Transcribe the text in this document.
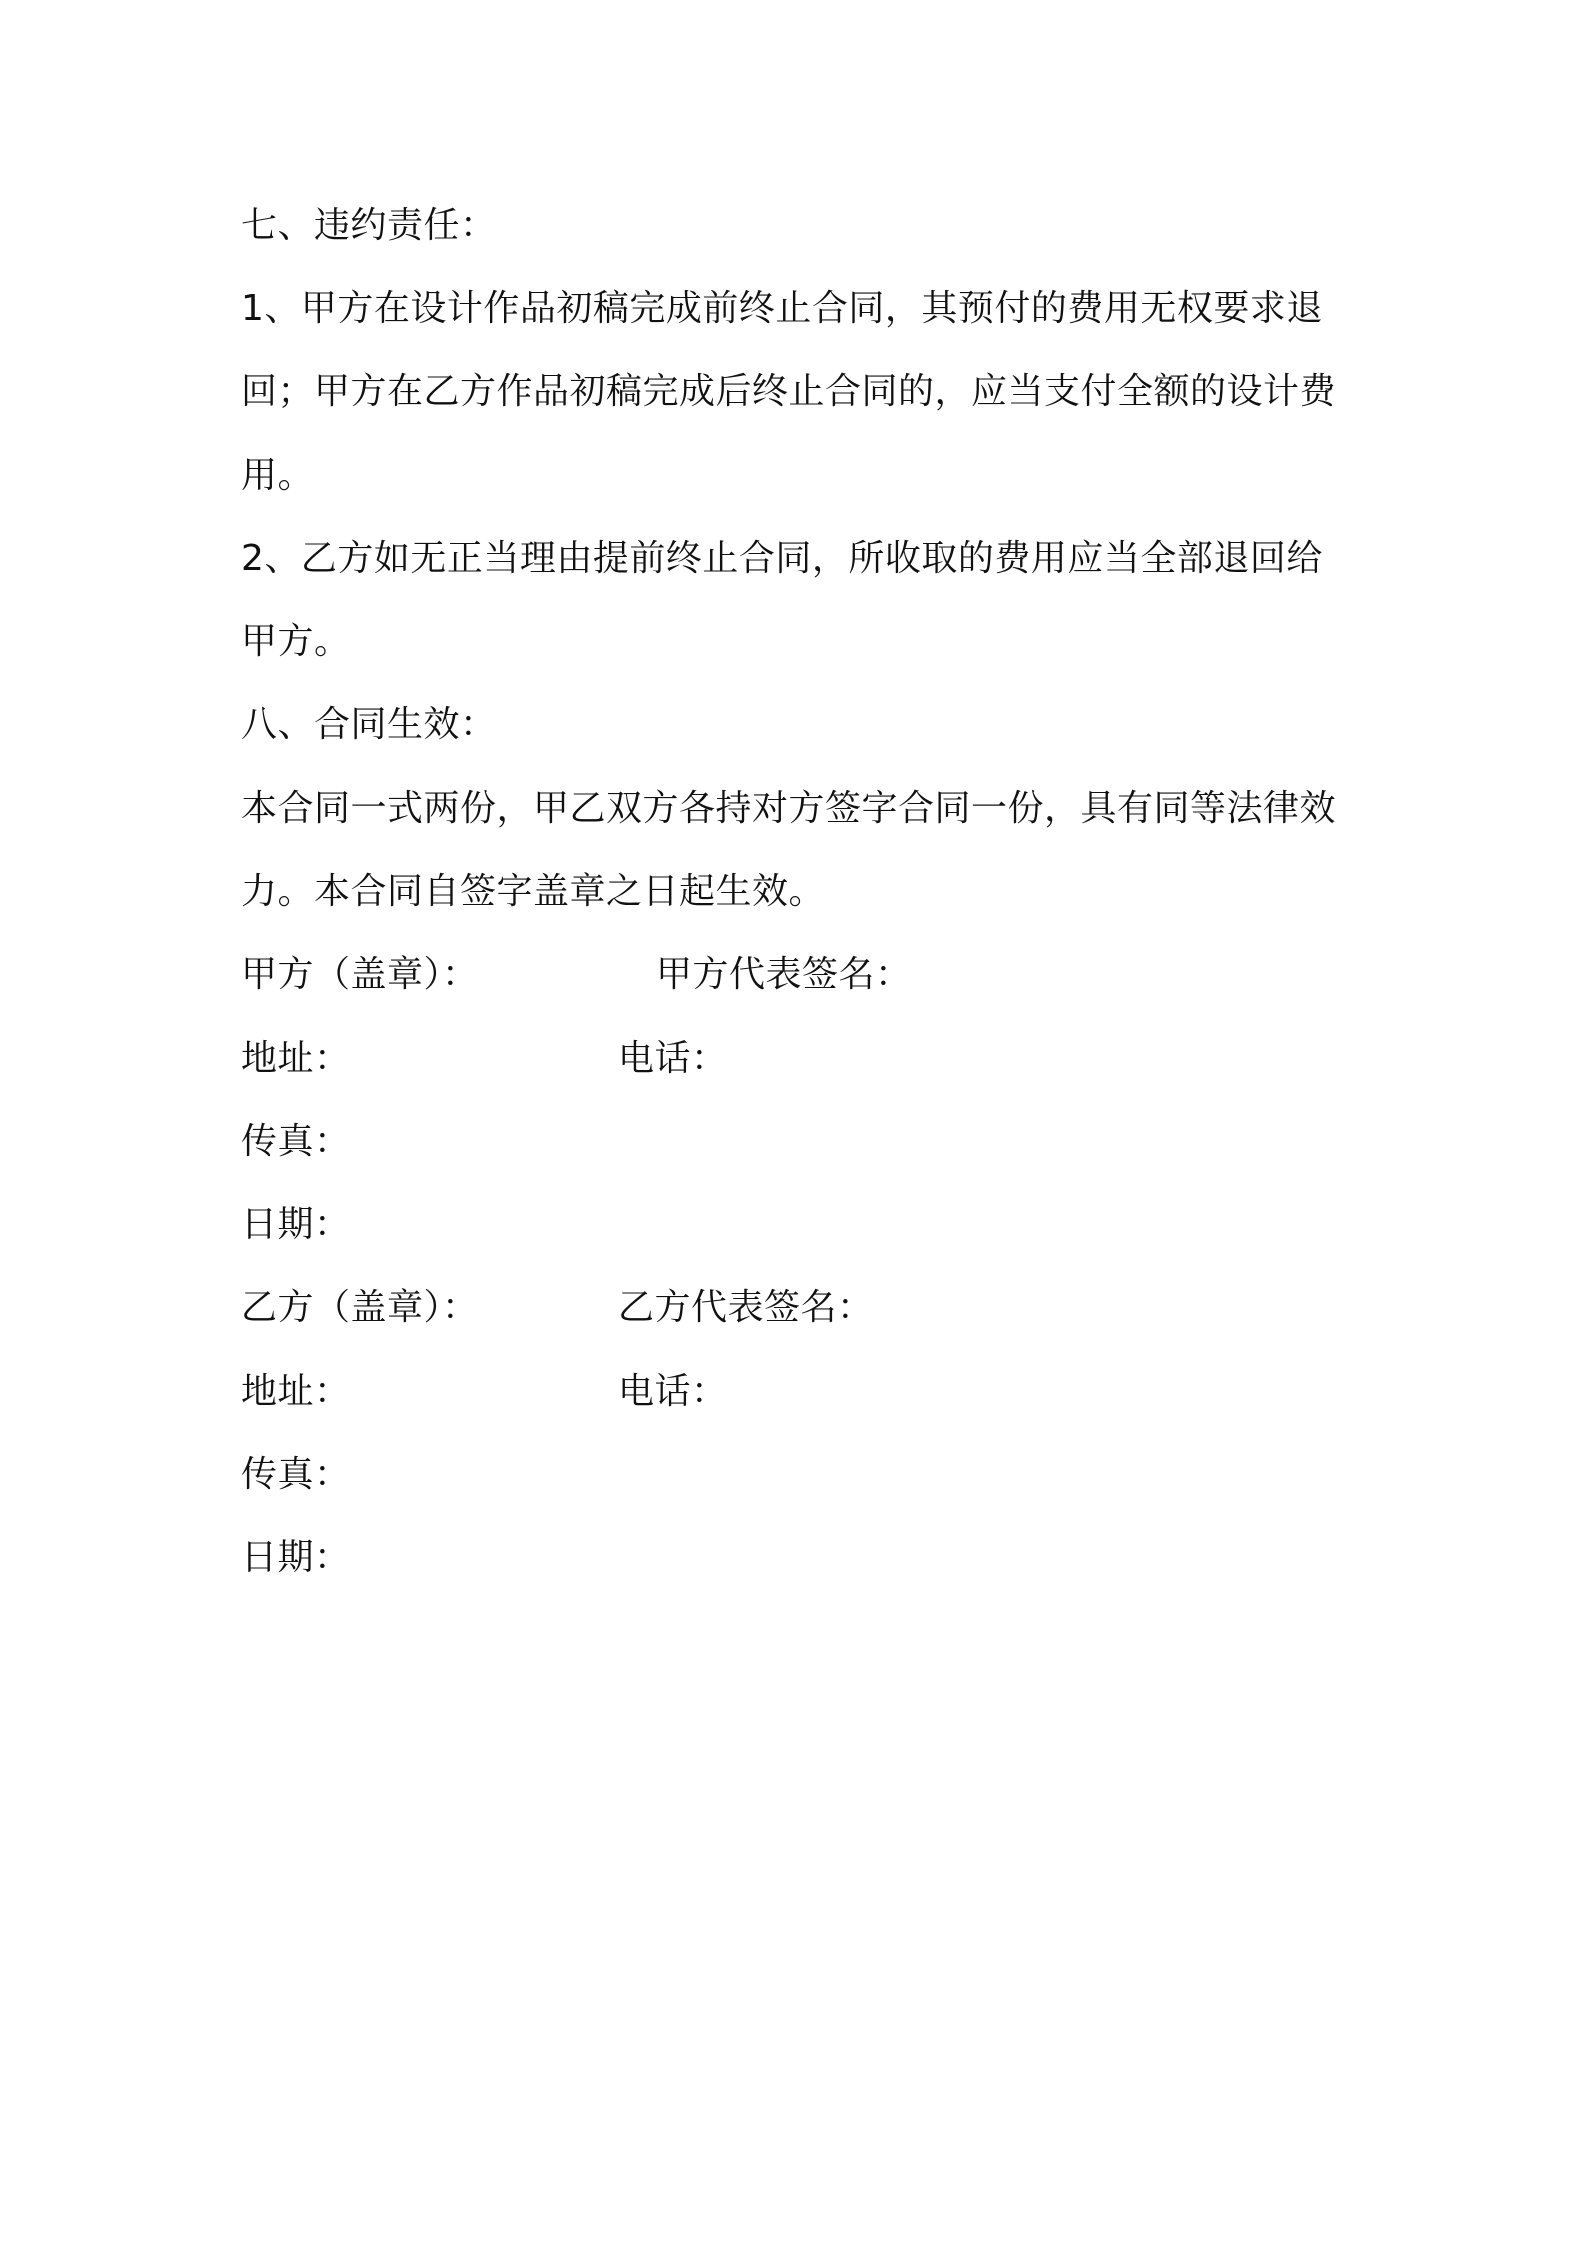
七、违约责任：
1、甲方在设计作品初稿完成前终止合同，其预付的费用无权要求退
回；甲方在乙方作品初稿完成后终止合同的，应当支付全额的设计费
用。
2、乙方如无正当理由提前终止合同，所收取的费用应当全部退回给
甲方。
八、合同生效：
本合同一式两份，甲乙双方各持对方签字合同一份，具有同等法律效
力。本合同自签字盖章之日起生效。
甲方（盖章）：	甲方代表签名：
地址：	电话：
传真：
日期：
乙方（盖章）：	乙方代表签名：
地址：	电话：
传真：
日期：
